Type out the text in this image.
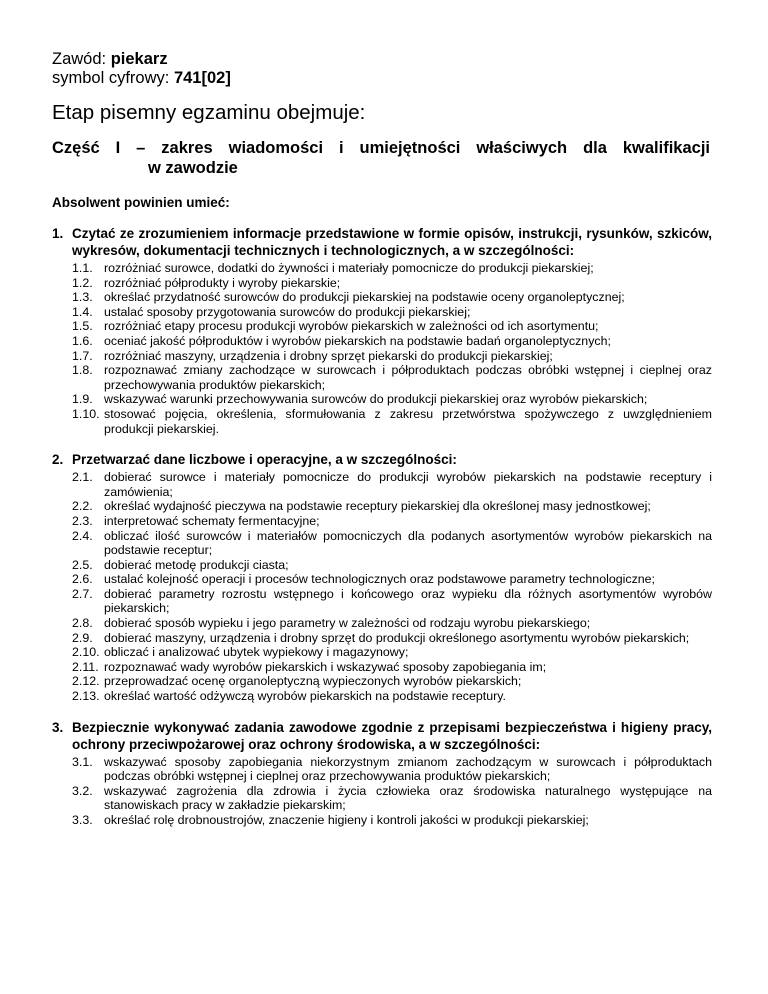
Zawód: piekarz
symbol cyfrowy: 741[02]
Etap pisemny egzaminu obejmuje:
Część I – zakres wiadomości i umiejętności właściwych dla kwalifikacji
w zawodzie
Absolwent powinien umieć:
1. Czytać ze zrozumieniem informacje przedstawione w formie opisów, instrukcji, rysunków, szkiców, wykresów, dokumentacji technicznych i technologicznych, a w szczególności:
1.1. rozróżniać surowce, dodatki do żywności i materiały pomocnicze do produkcji piekarskiej;
1.2. rozróżniać półprodukty i wyroby piekarskie;
1.3. określać przydatność surowców do produkcji piekarskiej na podstawie oceny organoleptycznej;
1.4. ustalać sposoby przygotowania surowców do produkcji piekarskiej;
1.5. rozróżniać etapy procesu produkcji wyrobów piekarskich w zależności od ich asortymentu;
1.6. oceniać jakość półproduktów i wyrobów piekarskich na podstawie badań organoleptycznych;
1.7. rozróżniać maszyny, urządzenia i drobny sprzęt piekarski do produkcji piekarskiej;
1.8. rozpoznawać zmiany zachodzące w surowcach i półproduktach podczas obróbki wstępnej i cieplnej oraz przechowywania produktów piekarskich;
1.9. wskazywać warunki przechowywania surowców do produkcji piekarskiej oraz wyrobów piekarskich;
1.10. stosować pojęcia, określenia, sformułowania z zakresu przetwórstwa spożywczego z uwzględnieniem produkcji piekarskiej.
2. Przetwarzać dane liczbowe i operacyjne, a w szczególności:
2.1. dobierać surowce i materiały pomocnicze do produkcji wyrobów piekarskich na podstawie receptury i zamówienia;
2.2. określać wydajność pieczywa na podstawie receptury piekarskiej dla określonej masy jednostkowej;
2.3. interpretować schematy fermentacyjne;
2.4. obliczać ilość surowców i materiałów pomocniczych dla podanych asortymentów wyrobów piekarskich na podstawie receptur;
2.5. dobierać metodę produkcji ciasta;
2.6. ustalać kolejność operacji i procesów technologicznych oraz podstawowe parametry technologiczne;
2.7. dobierać parametry rozrostu wstępnego i końcowego oraz wypieku dla różnych asortymentów wyrobów piekarskich;
2.8. dobierać sposób wypieku i jego parametry w zależności od rodzaju wyrobu piekarskiego;
2.9. dobierać maszyny, urządzenia i drobny sprzęt do produkcji określonego asortymentu wyrobów piekarskich;
2.10. obliczać i analizować ubytek wypiekowy i magazynowy;
2.11. rozpoznawać wady wyrobów piekarskich i wskazywać sposoby zapobiegania im;
2.12. przeprowadzać ocenę organoleptyczną wypieczonych wyrobów piekarskich;
2.13. określać wartość odżywczą wyrobów piekarskich na podstawie receptury.
3. Bezpiecznie wykonywać zadania zawodowe zgodnie z przepisami bezpieczeństwa i higieny pracy, ochrony przeciwpożarowej oraz ochrony środowiska, a w szczególności:
3.1. wskazywać sposoby zapobiegania niekorzystnym zmianom zachodzącym w surowcach i półproduktach podczas obróbki wstępnej i cieplnej oraz przechowywania produktów piekarskich;
3.2. wskazywać zagrożenia dla zdrowia i życia człowieka oraz środowiska naturalnego występujące na stanowiskach pracy w zakładzie piekarskim;
3.3. określać rolę drobnoustrojów, znaczenie higieny i kontroli jakości w produkcji piekarskiej;
